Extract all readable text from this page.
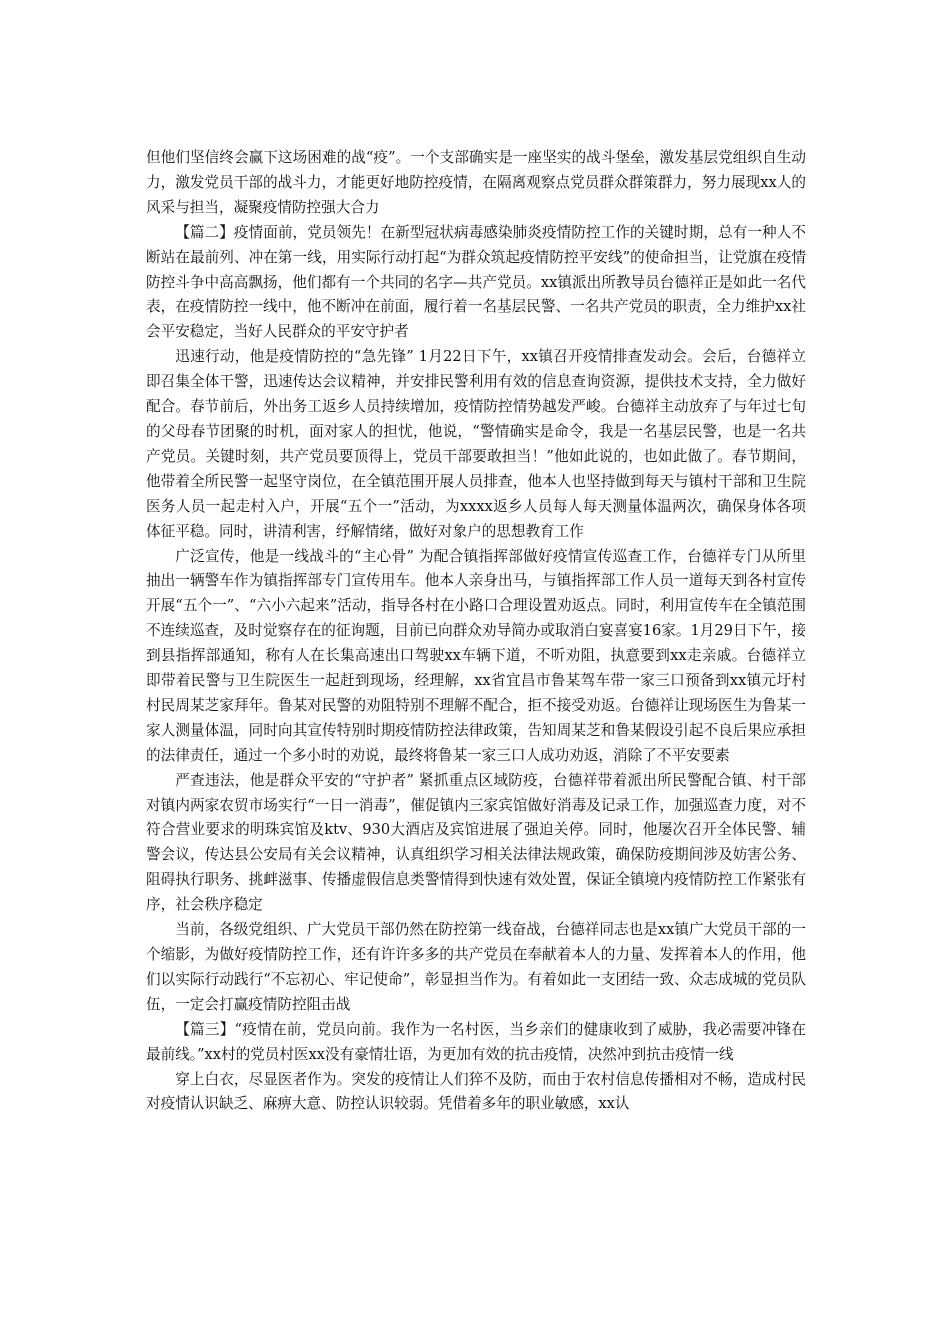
但他们坚信终会赢下这场困难的战“疫”。一个支部确实是一座坚实的战斗堡垒，激发基层党组织自生动力，激发党员干部的战斗力，才能更好地防控疫情，在隔离观察点党员群众群策群力，努力展现xx人的风采与担当，凝聚疫情防控强大合力

【篇二】疫情面前，党员领先！在新型冠状病毒感染肺炎疫情防控工作的关键时期，总有一种人不断站在最前列、冲在第一线，用实际行动打起“为群众筑起疫情防控平安线”的使命担当，让党旗在疫情防控斗争中高高飘扬，他们都有一个共同的名字—共产党员。xx镇派出所教导员台德祥正是如此一名代表，在疫情防控一线中，他不断冲在前面，履行着一名基层民警、一名共产党员的职责，全力维护xx社会平安稳定，当好人民群众的平安守护者

迅速行动，他是疫情防控的“急先锋” 1月22日下午，xx镇召开疫情排查发动会。会后，台德祥立即召集全体干警，迅速传达会议精神，并安排民警利用有效的信息查询资源，提供技术支持，全力做好配合。春节前后，外出务工返乡人员持续增加，疫情防控情势越发严峻。台德祥主动放弃了与年过七旬的父母春节团聚的时机，面对家人的担忧，他说，“警情确实是命令，我是一名基层民警，也是一名共产党员。关键时刻，共产党员要顶得上，党员干部要敢担当！”他如此说的，也如此做了。春节期间，他带着全所民警一起坚守岗位，在全镇范围开展人员排查，他本人也坚持做到每天与镇村干部和卫生院医务人员一起走村入户，开展“五个一”活动，为xxxx返乡人员每人每天测量体温两次，确保身体各项体征平稳。同时，讲清利害，纾解情绪，做好对象户的思想教育工作

广泛宣传，他是一线战斗的“主心骨” 为配合镇指挥部做好疫情宣传巡查工作，台德祥专门从所里抽出一辆警车作为镇指挥部专门宣传用车。他本人亲身出马，与镇指挥部工作人员一道每天到各村宣传开展“五个一”、“六小六起来”活动，指导各村在小路口合理设置劝返点。同时，利用宣传车在全镇范围不连续巡查，及时觉察存在的征询题，目前已向群众劝导简办或取消白宴喜宴16家。1月29日下午，接到县指挥部通知，称有人在长集高速出口驾驶xx车辆下道，不听劝阻，执意要到xx走亲戚。台德祥立即带着民警与卫生院医生一起赶到现场，经理解，xx省宜昌市鲁某驾车带一家三口预备到xx镇元圩村村民周某芝家拜年。鲁某对民警的劝阻特别不理解不配合，拒不接受劝返。台德祥让现场医生为鲁某一家人测量体温，同时向其宣传特别时期疫情防控法律政策，告知周某芝和鲁某假设引起不良后果应承担的法律责任，通过一个多小时的劝说，最终将鲁某一家三口人成功劝返，消除了不平安要素

严查违法，他是群众平安的“守护者” 紧抓重点区域防疫，台德祥带着派出所民警配合镇、村干部对镇内两家农贸市场实行“一日一消毒”，催促镇内三家宾馆做好消毒及记录工作，加强巡查力度，对不符合营业要求的明珠宾馆及ktv、930大酒店及宾馆进展了强迫关停。同时，他屡次召开全体民警、辅警会议，传达县公安局有关会议精神，认真组织学习相关法律法规政策，确保防疫期间涉及妨害公务、阻碍执行职务、挑衅滋事、传播虚假信息类警情得到快速有效处置，保证全镇境内疫情防控工作紧张有序，社会秩序稳定

当前，各级党组织、广大党员干部仍然在防控第一线奋战，台德祥同志也是xx镇广大党员干部的一个缩影，为做好疫情防控工作，还有许许多多的共产党员在奉献着本人的力量、发挥着本人的作用，他们以实际行动践行“不忘初心、牢记使命”，彰显担当作为。有着如此一支团结一致、众志成城的党员队伍，一定会打赢疫情防控阻击战

【篇三】“疫情在前，党员向前。我作为一名村医，当乡亲们的健康收到了威胁，我必需要冲锋在最前线。”xx村的党员村医xx没有豪情壮语，为更加有效的抗击疫情，决然冲到抗击疫情一线

穿上白衣，尽显医者作为。突发的疫情让人们猝不及防，而由于农村信息传播相对不畅，造成村民对疫情认识缺乏、麻痹大意、防控认识较弱。凭借着多年的职业敏感，xx认
